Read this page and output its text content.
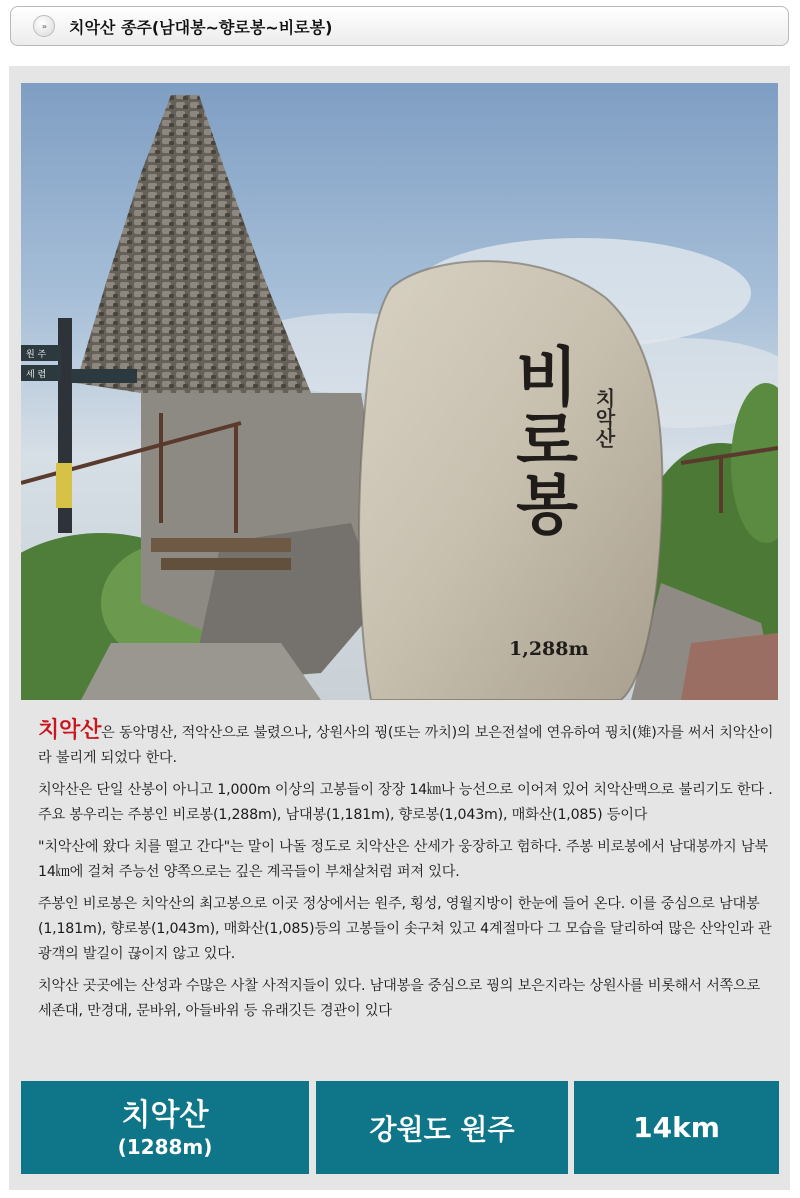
»	치악산 종주(남대봉~향로봉~비로봉)
원 주
세 렴
치악산
비로봉
1,288m

치악산은 동악명산, 적악산으로 불렸으나, 상원사의 꿩(또는 까치)의 보은전설에 연유하여 꿩치(雉)자를 써서 치악산이라 불리게 되었다 한다.

치악산은 단일 산봉이 아니고 1,000m 이상의 고봉들이 장장 14㎞나 능선으로 이어져 있어 치악산맥으로 불리기도 한다 . 주요 봉우리는 주봉인 비로봉(1,288m), 남대봉(1,181m), 향로봉(1,043m), 매화산(1,085) 등이다

"치악산에 왔다 치를 떨고 간다"는 말이 나돌 정도로 치악산은 산세가 웅장하고 험하다. 주봉 비로봉에서 남대봉까지 남북 14㎞에 걸쳐 주능선 양쪽으로는 깊은 계곡들이 부채살처럼 퍼져 있다.

주봉인 비로봉은 치악산의 최고봉으로 이곳 정상에서는 원주, 횡성, 영월지방이 한눈에 들어 온다. 이를 중심으로 남대봉(1,181m), 향로봉(1,043m), 매화산(1,085)등의 고봉들이 솟구쳐 있고 4계절마다 그 모습을 달리하여 많은 산악인과 관광객의 발길이 끊이지 않고 있다.

치악산 곳곳에는 산성과 수많은 사찰 사적지들이 있다. 남대봉을 중심으로 꿩의 보은지라는 상원사를 비롯해서 서쪽으로 세존대, 만경대, 문바위, 아들바위 등 유래깃든 경관이 있다

치악산
(1288m)
강원도 원주	14km
